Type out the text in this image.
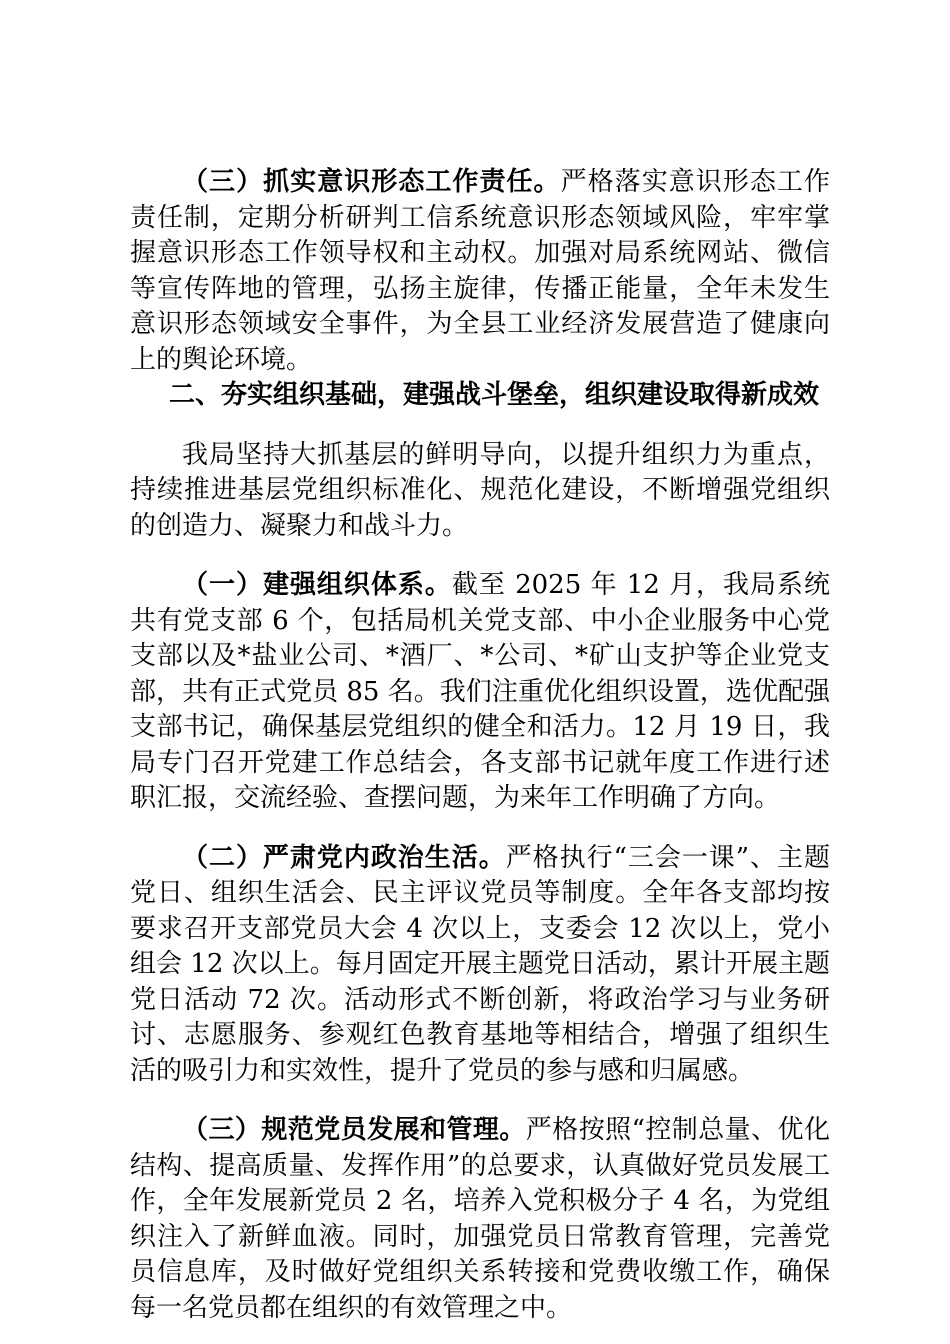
（三）抓实意识形态工作责任。严格落实意识形态工作责任制，定期分析研判工信系统意识形态领域风险，牢牢掌握意识形态工作领导权和主动权。加强对局系统网站、微信等宣传阵地的管理，弘扬主旋律，传播正能量，全年未发生意识形态领域安全事件，为全县工业经济发展营造了健康向上的舆论环境。

二、夯实组织基础，建强战斗堡垒，组织建设取得新成效

我局坚持大抓基层的鲜明导向，以提升组织力为重点，持续推进基层党组织标准化、规范化建设，不断增强党组织的创造力、凝聚力和战斗力。

（一）建强组织体系。截至 2025 年 12 月，我局系统共有党支部 6 个，包括局机关党支部、中小企业服务中心党支部以及*盐业公司、*酒厂、*公司、*矿山支护等企业党支部，共有正式党员 85 名。我们注重优化组织设置，选优配强支部书记，确保基层党组织的健全和活力。12 月 19 日，我局专门召开党建工作总结会，各支部书记就年度工作进行述职汇报，交流经验、查摆问题，为来年工作明确了方向。

（二）严肃党内政治生活。严格执行“三会一课”、主题党日、组织生活会、民主评议党员等制度。全年各支部均按要求召开支部党员大会 4 次以上，支委会 12 次以上，党小组会 12 次以上。每月固定开展主题党日活动，累计开展主题党日活动 72 次。活动形式不断创新，将政治学习与业务研讨、志愿服务、参观红色教育基地等相结合，增强了组织生活的吸引力和实效性，提升了党员的参与感和归属感。

（三）规范党员发展和管理。严格按照“控制总量、优化结构、提高质量、发挥作用”的总要求，认真做好党员发展工作，全年发展新党员 2 名，培养入党积极分子 4 名，为党组织注入了新鲜血液。同时，加强党员日常教育管理，完善党员信息库，及时做好党组织关系转接和党费收缴工作，确保每一名党员都在组织的有效管理之中。
